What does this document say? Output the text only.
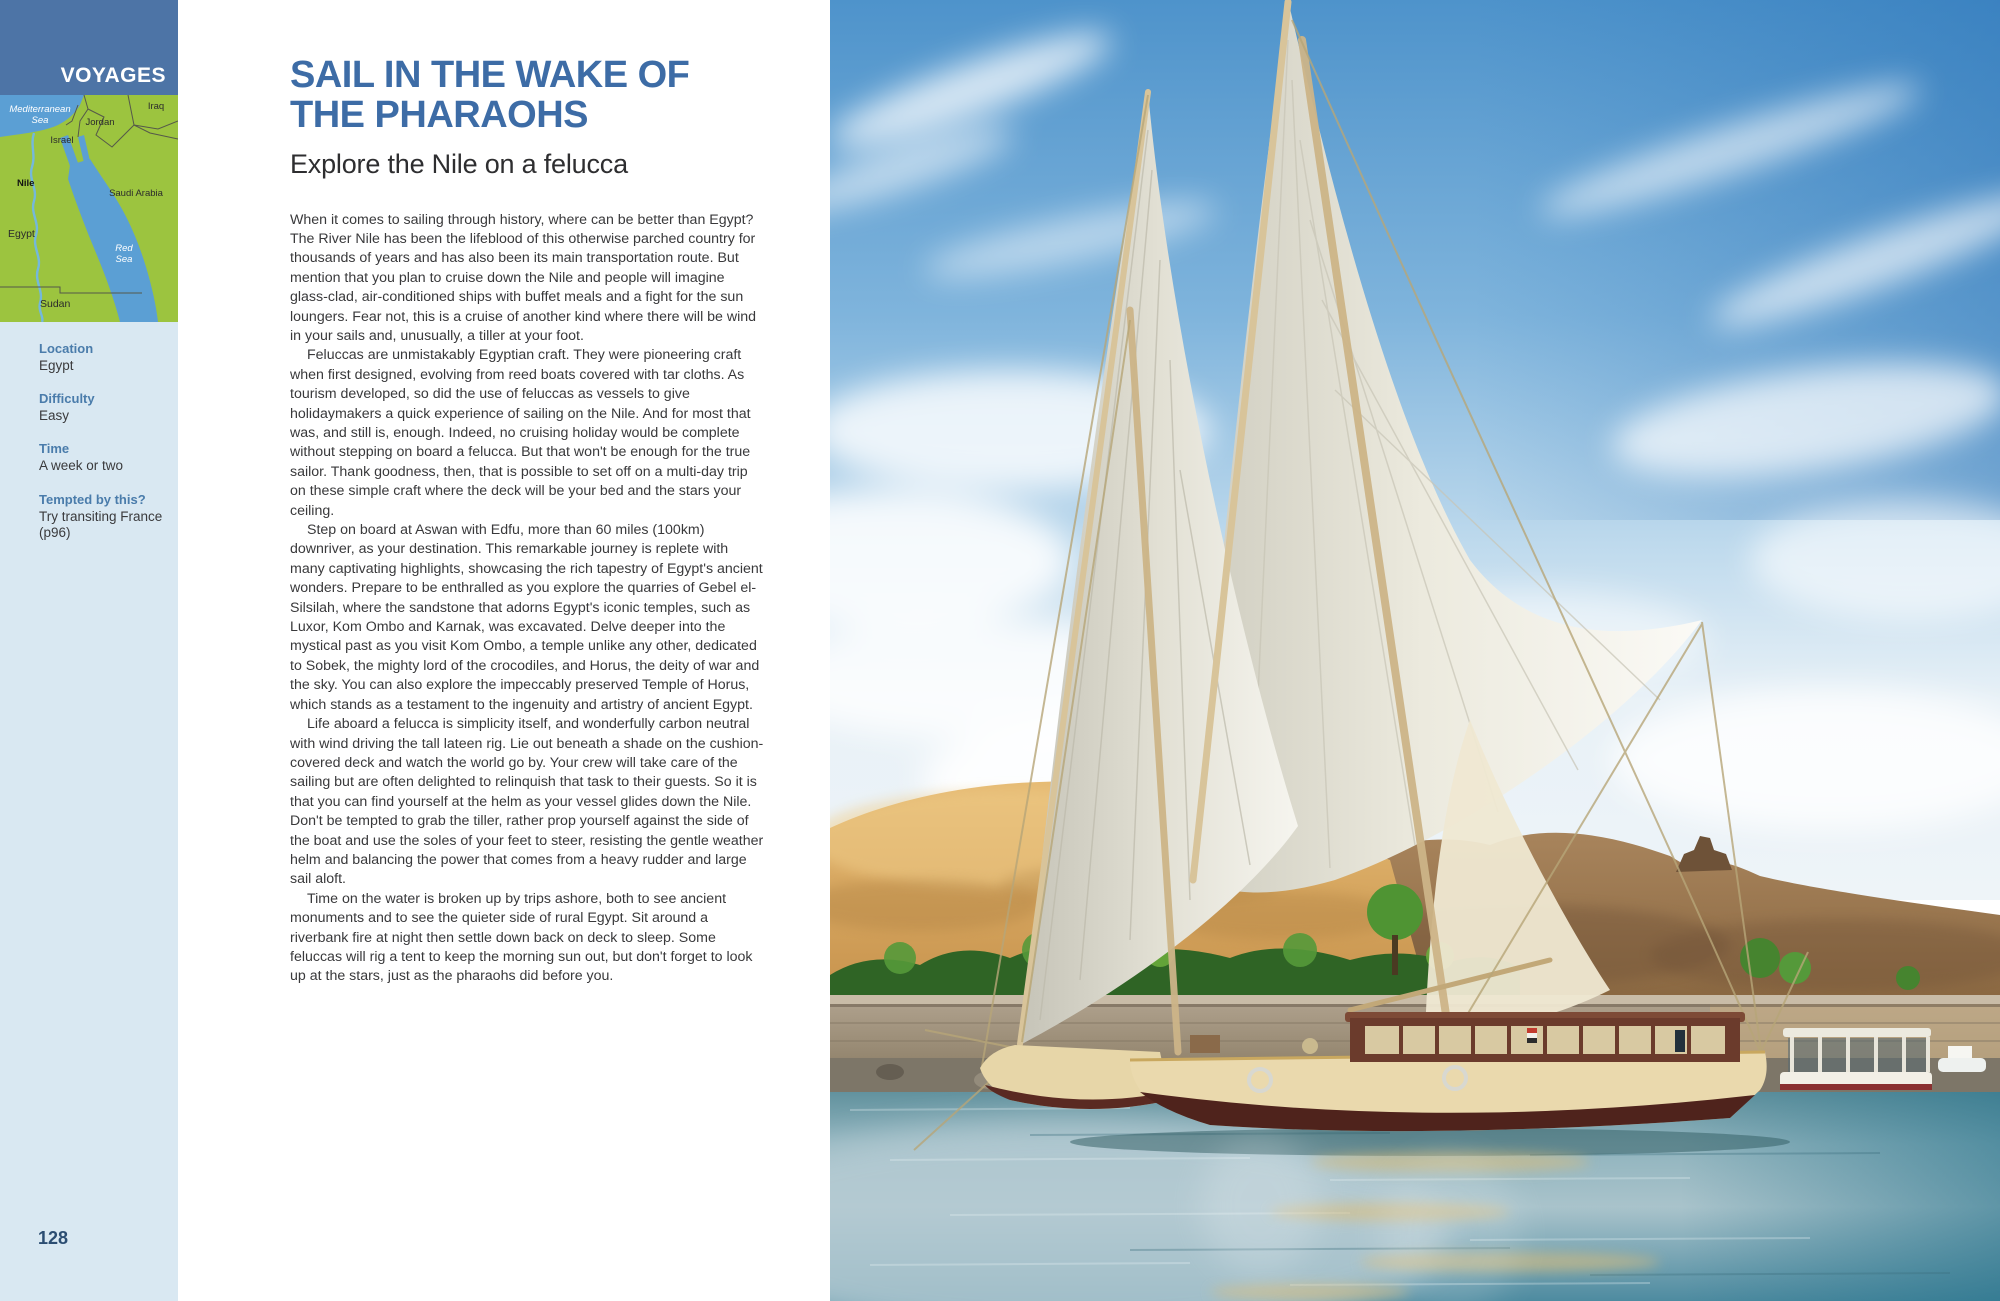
VOYAGES
Mediterranean
Sea
Iraq
Jordan
Israel
Nile
Saudi Arabia
Egypt
Red
Sea
Sudan
Location
Egypt
Difficulty
Easy
Time
A week or two
Tempted by this?
Try transiting France (p96)
128
SAIL IN THE WAKE OF THE PHARAOHS
Explore the Nile on a felucca

When it comes to sailing through history, where can be better than Egypt? The River Nile has been the lifeblood of this otherwise parched country for thousands of years and has also been its main transportation route. But mention that you plan to cruise down the Nile and people will imagine glass-clad, air-conditioned ships with buffet meals and a fight for the sun loungers. Fear not, this is a cruise of another kind where there will be wind in your sails and, unusually, a tiller at your foot.

Feluccas are unmistakably Egyptian craft. They were pioneering craft when first designed, evolving from reed boats covered with tar cloths. As tourism developed, so did the use of feluccas as vessels to give holidaymakers a quick experience of sailing on the Nile. And for most that was, and still is, enough. Indeed, no cruising holiday would be complete without stepping on board a felucca. But that won't be enough for the true sailor. Thank goodness, then, that is possible to set off on a multi-day trip on these simple craft where the deck will be your bed and the stars your ceiling.

Step on board at Aswan with Edfu, more than 60 miles (100km) downriver, as your destination. This remarkable journey is replete with many captivating highlights, showcasing the rich tapestry of Egypt's ancient wonders. Prepare to be enthralled as you explore the quarries of Gebel el-Silsilah, where the sandstone that adorns Egypt's iconic temples, such as Luxor, Kom Ombo and Karnak, was excavated. Delve deeper into the mystical past as you visit Kom Ombo, a temple unlike any other, dedicated to Sobek, the mighty lord of the crocodiles, and Horus, the deity of war and the sky. You can also explore the impeccably preserved Temple of Horus, which stands as a testament to the ingenuity and artistry of ancient Egypt.

Life aboard a felucca is simplicity itself, and wonderfully carbon neutral with wind driving the tall lateen rig. Lie out beneath a shade on the cushion-covered deck and watch the world go by. Your crew will take care of the sailing but are often delighted to relinquish that task to their guests. So it is that you can find yourself at the helm as your vessel glides down the Nile. Don't be tempted to grab the tiller, rather prop yourself against the side of the boat and use the soles of your feet to steer, resisting the gentle weather helm and balancing the power that comes from a heavy rudder and large sail aloft.

Time on the water is broken up by trips ashore, both to see ancient monuments and to see the quieter side of rural Egypt. Sit around a riverbank fire at night then settle down back on deck to sleep. Some feluccas will rig a tent to keep the morning sun out, but don't forget to look up at the stars, just as the pharaohs did before you.
